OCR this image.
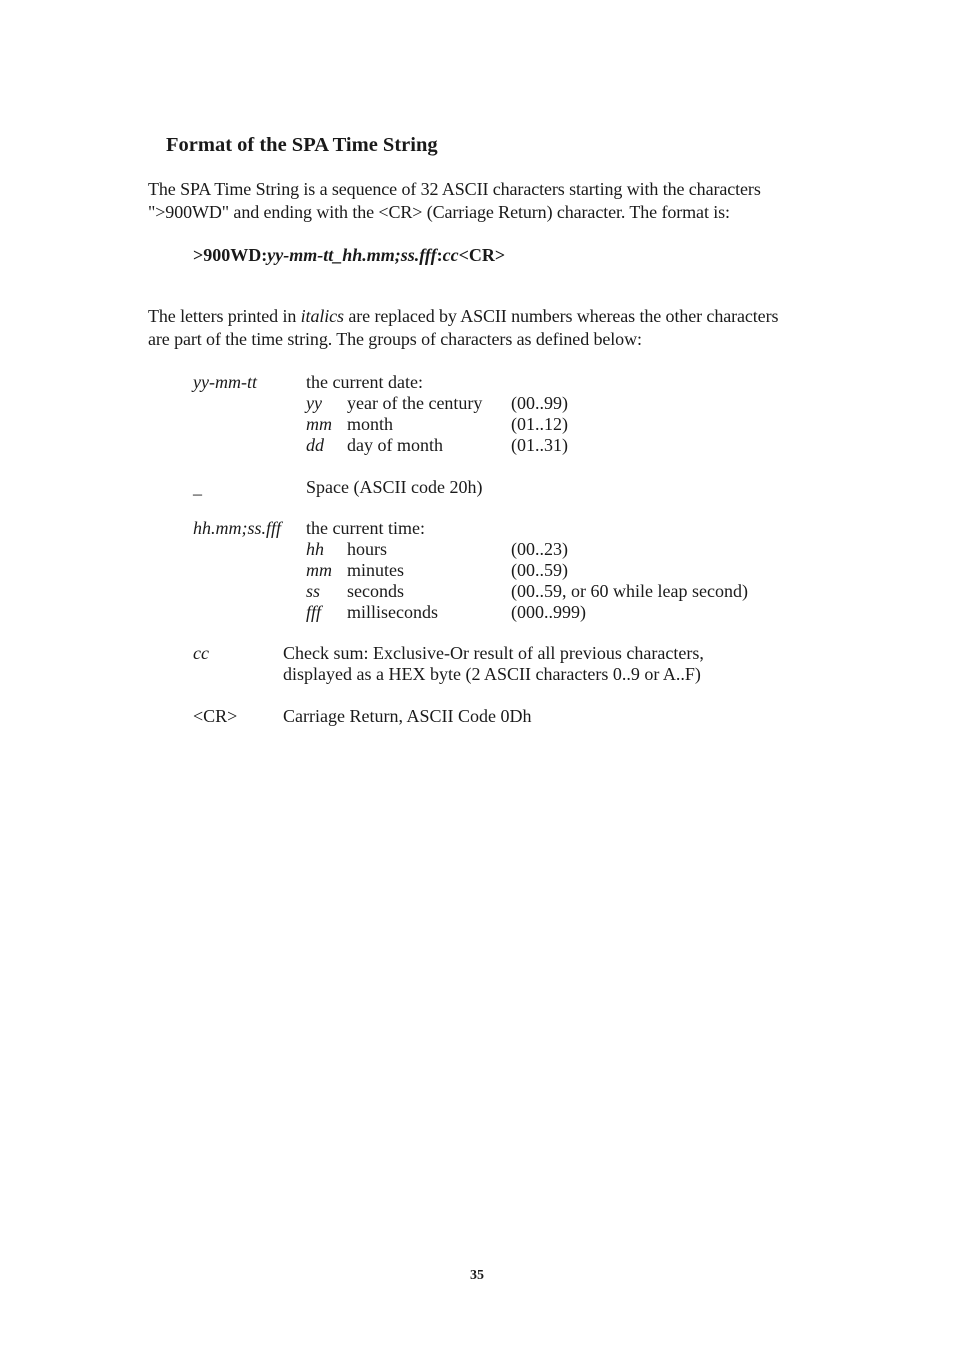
Format of the SPA Time String

The SPA Time String is a sequence of 32 ASCII characters starting with the characters
">900WD" and ending with the <CR> (Carriage Return) character. The format is:

>900WD:yy-mm-tt_hh.mm;ss.fff:cc<CR>

The letters printed in italics are replaced by ASCII numbers whereas the other characters
are part of the time string. The groups of characters as defined below:

yy-mm-tt	the current date:
yy year of the century (00..99)
mm month	(01..12)
dd day of month	(01..31)
_	Space (ASCII code 20h)
hh.mm;ss.fff the current time:
hh hours	(00..23)
mm minutes	(00..59)
ss seconds	(00..59, or 60 while leap second)
fff milliseconds	(000..999)
cc	Check sum: Exclusive-Or result of all previous characters,
displayed as a HEX byte (2 ASCII characters 0..9 or A..F)
<CR>	Carriage Return, ASCII Code 0Dh
35
